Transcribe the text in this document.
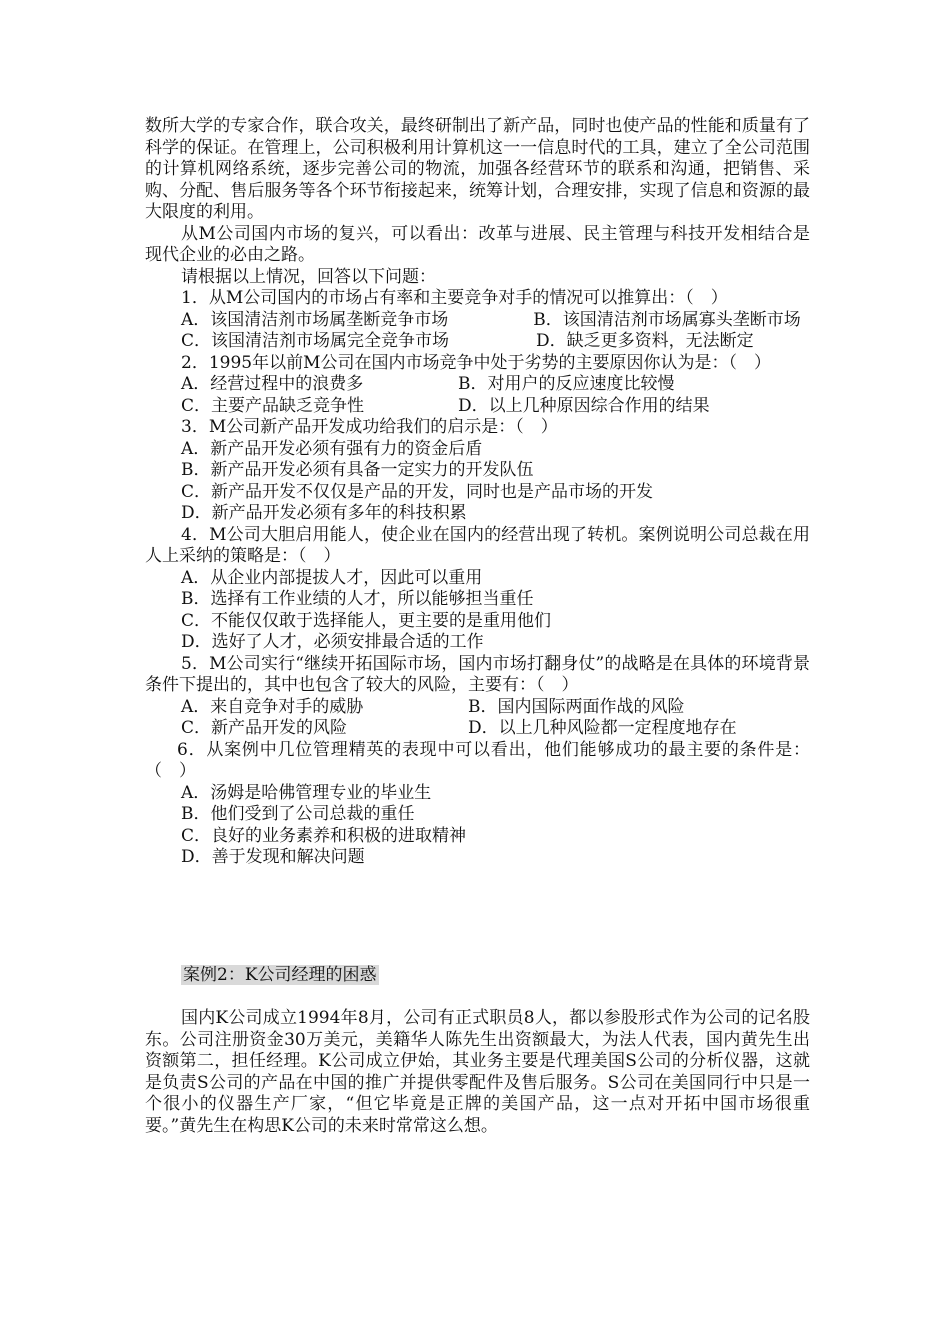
数所大学的专家合作，联合攻关，最终研制出了新产品，同时也使产品的性能和质量有了科学的保证。在管理上，公司积极利用计算机这一一信息时代的工具，建立了全公司范围的计算机网络系统，逐步完善公司的物流，加强各经营环节的联系和沟通，把销售、采购、分配、售后服务等各个环节衔接起来，统筹计划，合理安排，实现了信息和资源的最大限度的利用。

从M公司国内市场的复兴，可以看出：改革与进展、民主管理与科技开发相结合是现代企业的必由之路。

请根据以上情况，回答以下问题：

1．从M公司国内的市场占有率和主要竞争对手的情况可以推算出：（　）

A．该国清洁剂市场属垄断竞争市场　　　　　	B．该国清洁剂市场属寡头垄断市场

C．该国清洁剂市场属完全竞争市场	D．缺乏更多资料，无法断定

2．1995年以前M公司在国内市场竞争中处于劣势的主要原因你认为是：（　）

A．经营过程中的浪费多	B．对用户的反应速度比较慢
C．主要产品缺乏竞争性	D．以上几种原因综合作用的结果

3．M公司新产品开发成功给我们的启示是：（　）

A．新产品开发必须有强有力的资金后盾

B．新产品开发必须有具备一定实力的开发队伍

C．新产品开发不仅仅是产品的开发，同时也是产品市场的开发

D．新产品开发必须有多年的科技积累

4．M公司大胆启用能人，使企业在国内的经营出现了转机。案例说明公司总裁在用人上采纳的策略是：（　）

A．从企业内部提拔人才，因此可以重用

B．选择有工作业绩的人才，所以能够担当重任

C．不能仅仅敢于选择能人，更主要的是重用他们

D．选好了人才，必须安排最合适的工作

5．M公司实行“继续开拓国际市场，国内市场打翻身仗”的战略是在具体的环境背景条件下提出的，其中也包含了较大的风险，主要有：（　）

A．来自竞争对手的威胁	B．国内国际两面作战的风险
C．新产品开发的风险	D．以上几种风险都一定程度地存在

6．从案例中几位管理精英的表现中可以看出，他们能够成功的最主要的条件是：（　）

A．汤姆是哈佛管理专业的毕业生

B．他们受到了公司总裁的重任

C．良好的业务素养和积极的进取精神

D．善于发现和解决问题

案例2：K公司经理的困惑

国内K公司成立1994年8月，公司有正式职员8人，都以参股形式作为公司的记名股东。公司注册资金30万美元，美籍华人陈先生出资额最大，为法人代表，国内黄先生出资额第二，担任经理。K公司成立伊始，其业务主要是代理美国S公司的分析仪器，这就是负责S公司的产品在中国的推广并提供零配件及售后服务。S公司在美国同行中只是一个很小的仪器生产厂家，“但它毕竟是正牌的美国产品，这一点对开拓中国市场很重要。”黄先生在构思K公司的未来时常常这么想。
